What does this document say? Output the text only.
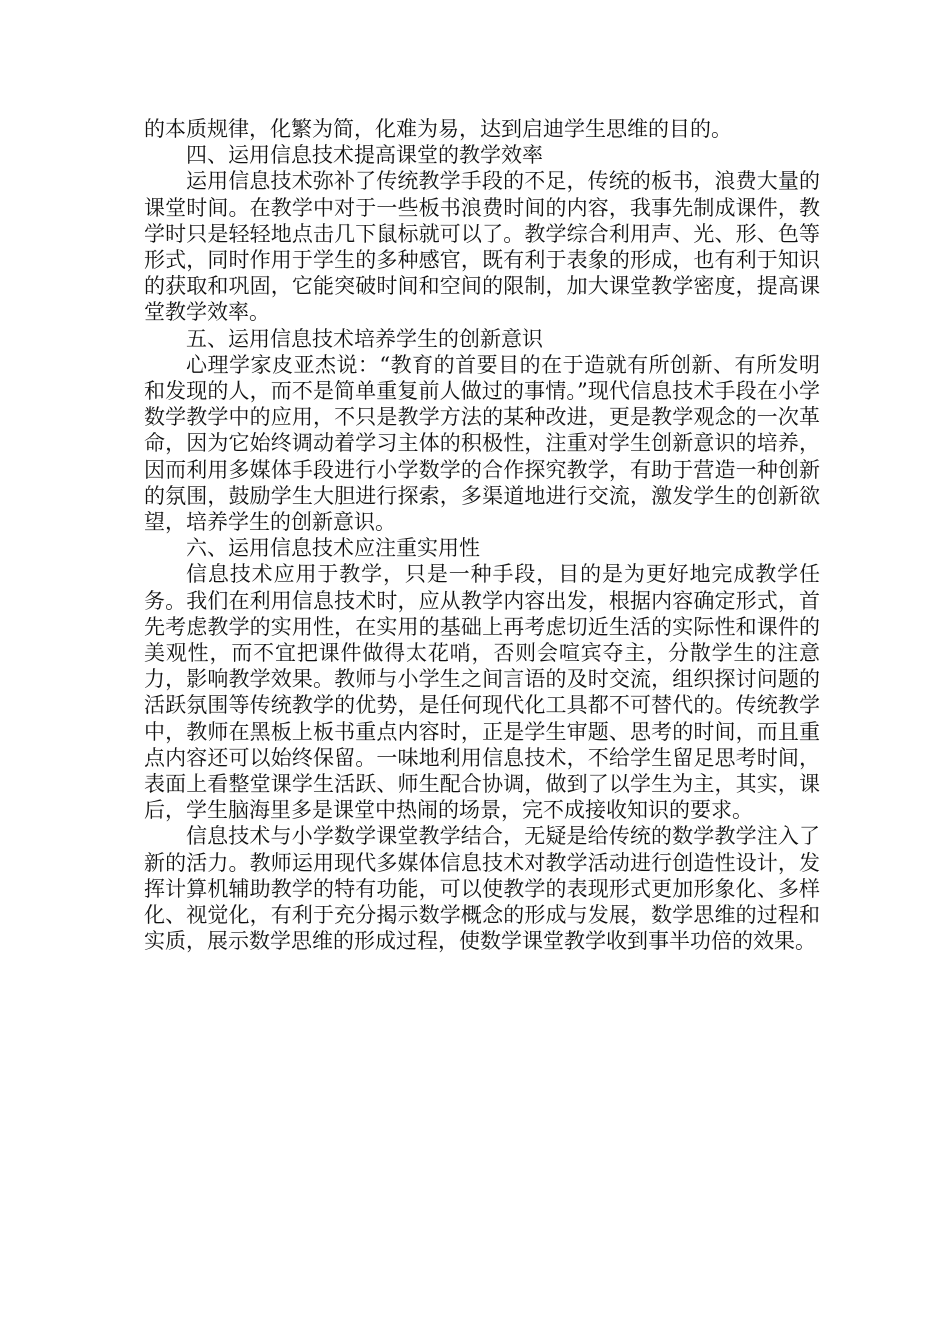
的本质规律，化繁为简，化难为易，达到启迪学生思维的目的。

四、运用信息技术提高课堂的教学效率

运用信息技术弥补了传统教学手段的不足，传统的板书，浪费大量的课堂时间。在教学中对于一些板书浪费时间的内容，我事先制成课件，教学时只是轻轻地点击几下鼠标就可以了。教学综合利用声、光、形、色等形式，同时作用于学生的多种感官，既有利于表象的形成，也有利于知识的获取和巩固，它能突破时间和空间的限制，加大课堂教学密度，提高课堂教学效率。

五、运用信息技术培养学生的创新意识

心理学家皮亚杰说：“教育的首要目的在于造就有所创新、有所发明和发现的人，而不是简单重复前人做过的事情。”现代信息技术手段在小学数学教学中的应用，不只是教学方法的某种改进，更是教学观念的一次革命，因为它始终调动着学习主体的积极性，注重对学生创新意识的培养，因而利用多媒体手段进行小学数学的合作探究教学，有助于营造一种创新的氛围，鼓励学生大胆进行探索，多渠道地进行交流，激发学生的创新欲望，培养学生的创新意识。

六、运用信息技术应注重实用性

信息技术应用于教学，只是一种手段，目的是为更好地完成教学任务。我们在利用信息技术时，应从教学内容出发，根据内容确定形式，首先考虑教学的实用性，在实用的基础上再考虑切近生活的实际性和课件的美观性，而不宜把课件做得太花哨，否则会喧宾夺主，分散学生的注意力，影响教学效果。教师与小学生之间言语的及时交流，组织探讨问题的活跃氛围等传统教学的优势，是任何现代化工具都不可替代的。传统教学中，教师在黑板上板书重点内容时，正是学生审题、思考的时间，而且重点内容还可以始终保留。一味地利用信息技术，不给学生留足思考时间，表面上看整堂课学生活跃、师生配合协调，做到了以学生为主，其实，课后，学生脑海里多是课堂中热闹的场景，完不成接收知识的要求。

信息技术与小学数学课堂教学结合，无疑是给传统的数学教学注入了新的活力。教师运用现代多媒体信息技术对教学活动进行创造性设计，发挥计算机辅助教学的特有功能，可以使教学的表现形式更加形象化、多样化、视觉化，有利于充分揭示数学概念的形成与发展，数学思维的过程和实质，展示数学思维的形成过程，使数学课堂教学收到事半功倍的效果。
